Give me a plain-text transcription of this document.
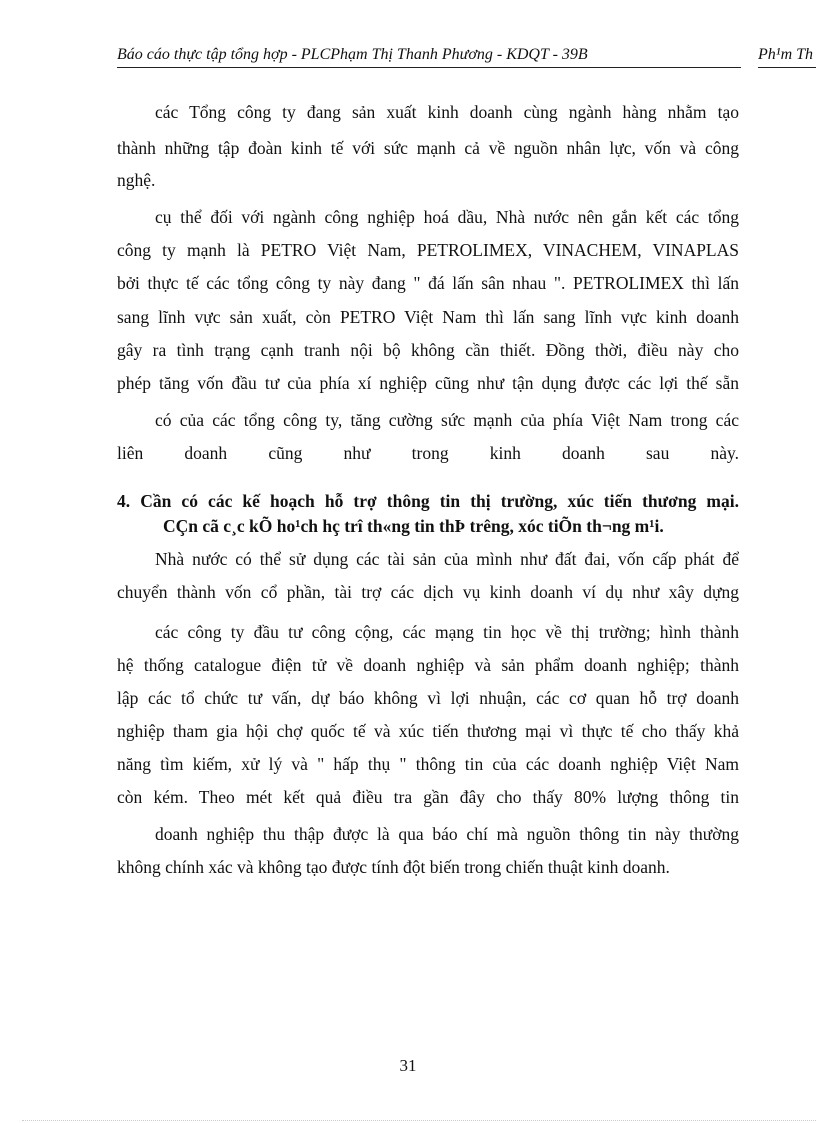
Báo cáo thực tập tổng hợp - PLCPhạm Thị Thanh Phương - KDQT - 39B	Ph¹m Th
các Tổng công ty đang sản xuất kinh doanh cùng ngành hàng nhằm tạo
thành những tập đoàn kinh tế với sức mạnh cả về nguồn nhân lực, vốn và công
nghệ.
cụ thể đối với ngành công nghiệp hoá dầu, Nhà nước nên gắn kết các tổng
công ty mạnh là PETRO Việt Nam, PETROLIMEX, VINACHEM, VINAPLAS
bởi thực tế các tổng công ty này đang " đá lấn sân nhau ". PETROLIMEX thì lấn
sang lĩnh vực sản xuất, còn PETRO Việt Nam thì lấn sang lĩnh vực kinh doanh
gây ra tình trạng cạnh tranh nội bộ không cần thiết. Đồng thời, điều này cho
phép tăng vốn đầu tư của phía xí nghiệp cũng như tận dụng được các lợi thế sẵn
có của các tổng công ty, tăng cường sức mạnh của phía Việt Nam trong các
liên doanh cũng như trong kinh doanh sau này.
4. Cần có các kế hoạch hỗ trợ thông tin thị trường, xúc tiến thương mại.
CÇn cã c¸c kÕ ho¹ch hç trî th«ng tin thÞ trêng, xóc tiÕn th¬ng m¹i.
Nhà nước có thể sử dụng các tài sản của mình như đất đai, vốn cấp phát để
chuyển thành vốn cổ phần, tài trợ các dịch vụ kinh doanh ví dụ như xây dựng
các công ty đầu tư công cộng, các mạng tin học về thị trường; hình thành
hệ thống catalogue điện tử về doanh nghiệp và sản phẩm doanh nghiệp; thành
lập các tổ chức tư vấn, dự báo không vì lợi nhuận, các cơ quan hỗ trợ doanh
nghiệp tham gia hội chợ quốc tế và xúc tiến thương mại vì thực tế cho thấy khả
năng tìm kiếm, xử lý và " hấp thụ " thông tin của các doanh nghiệp Việt Nam
còn kém. Theo mét kết quả điều tra gần đây cho thấy 80% lượng thông tin
doanh nghiệp thu thập được là qua báo chí mà nguồn thông tin này thường
không chính xác và không tạo được tính đột biến trong chiến thuật kinh doanh.
31
